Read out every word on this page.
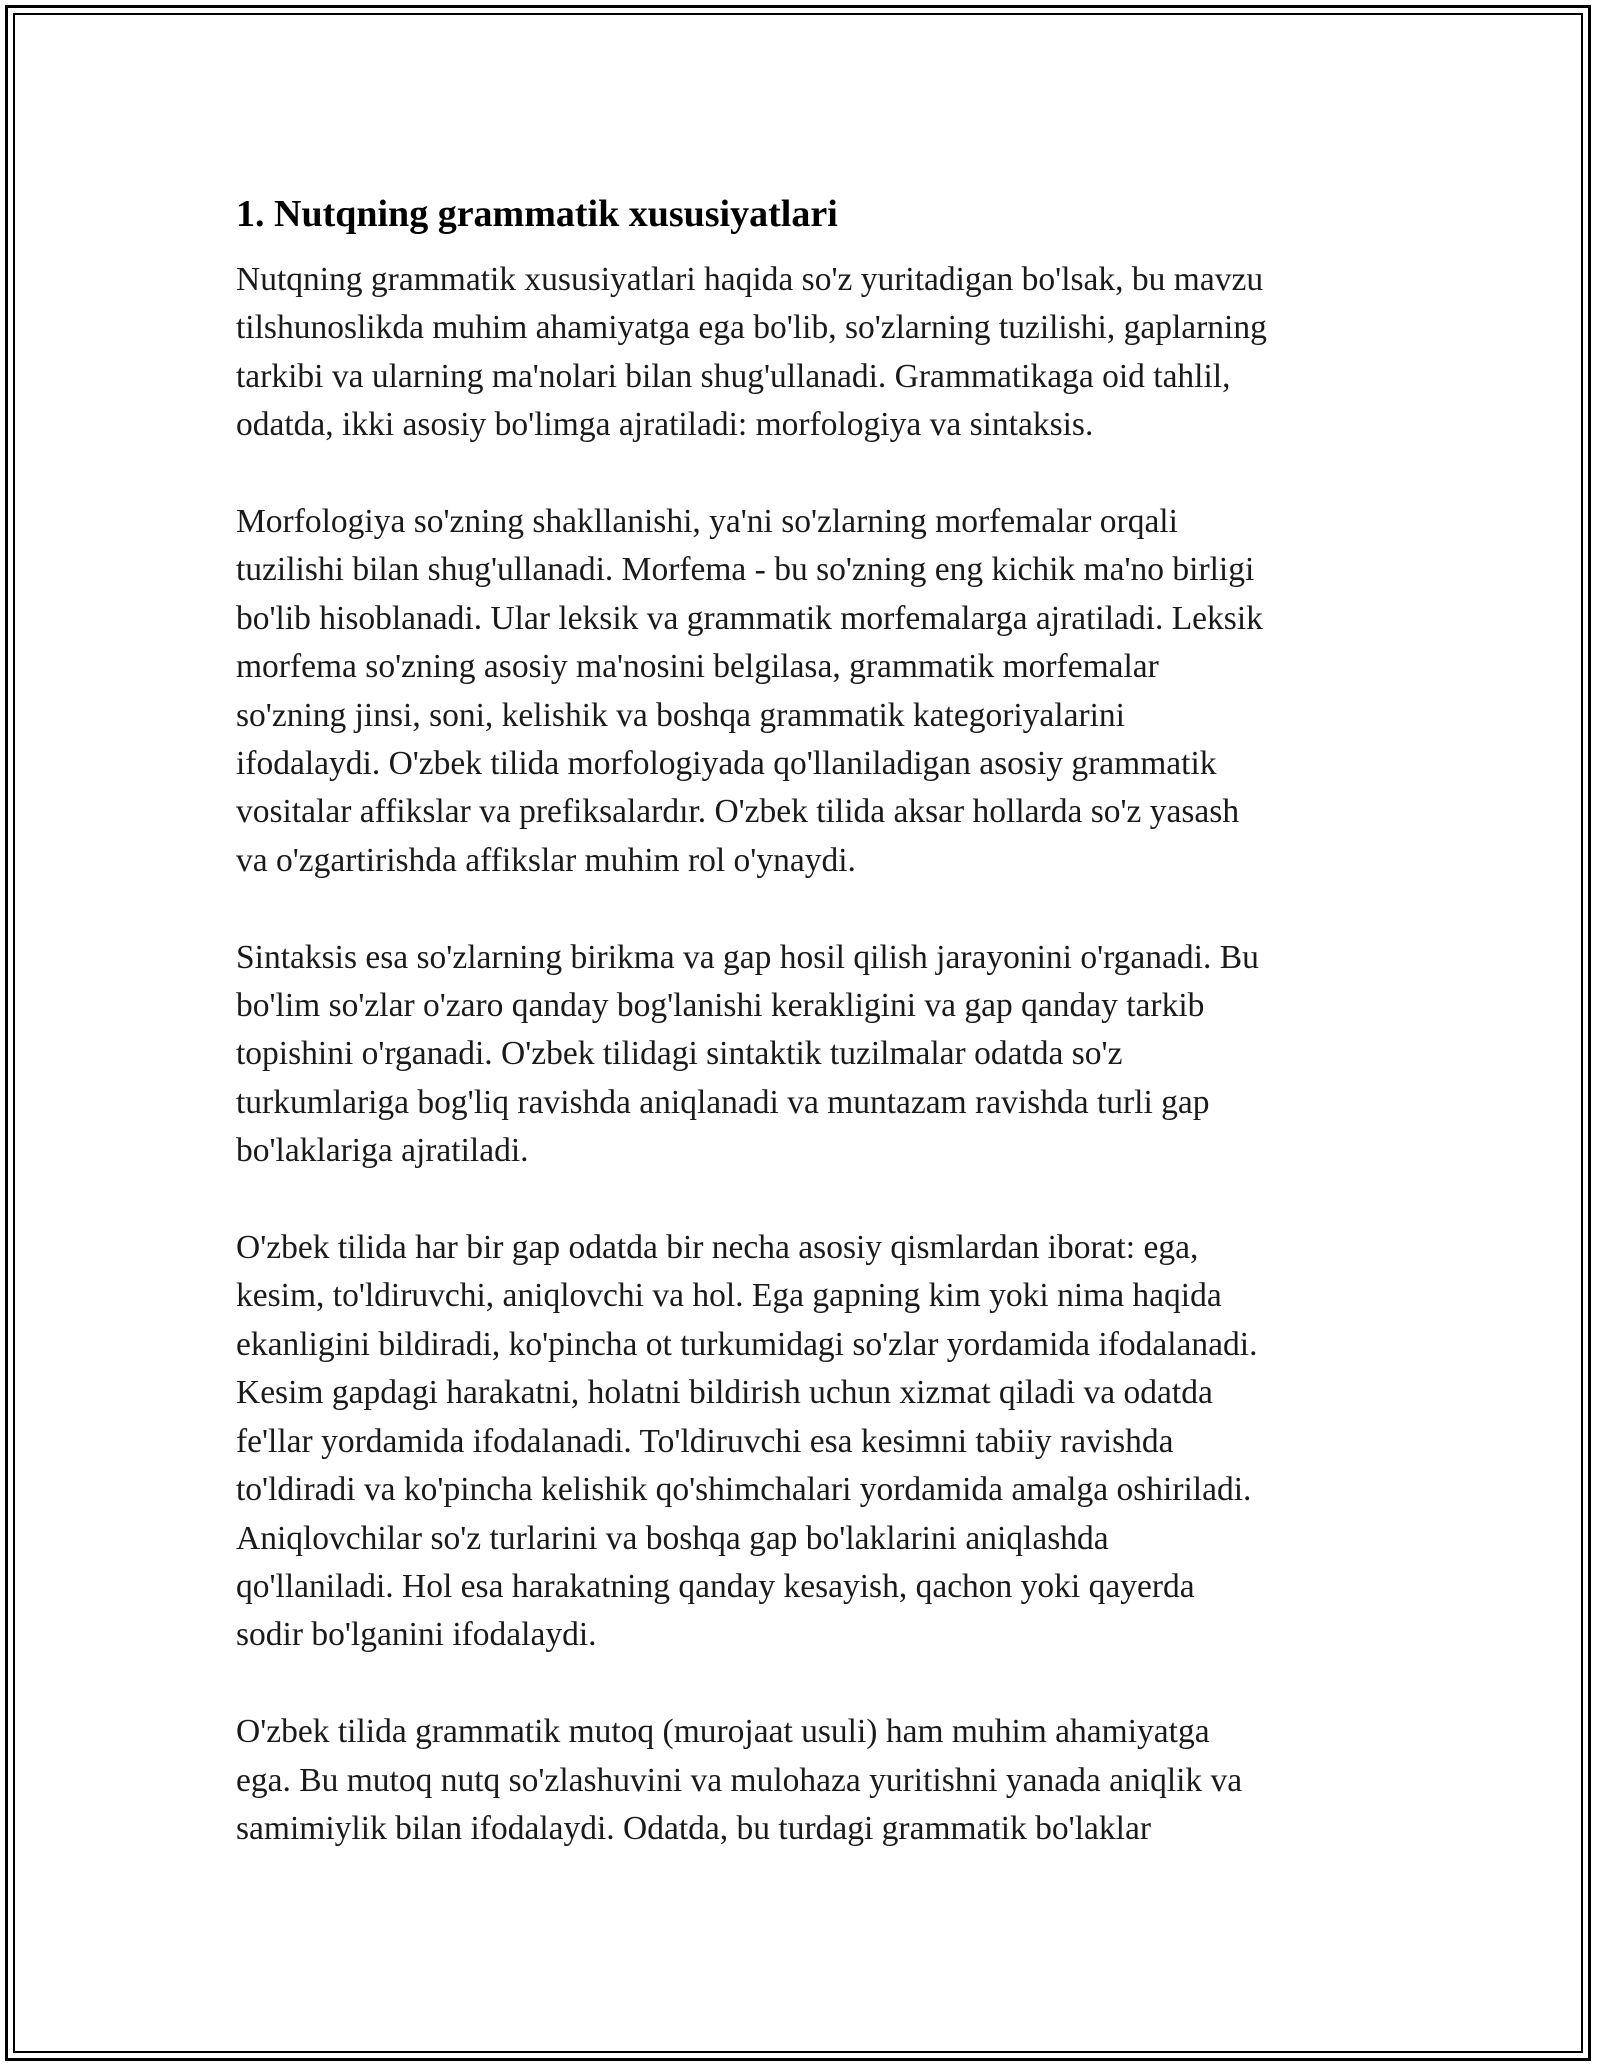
1. Nutqning grammatik xususiyatlari

Nutqning grammatik xususiyatlari haqida so'z yuritadigan bo'lsak, bu mavzu
tilshunoslikda muhim ahamiyatga ega bo'lib, so'zlarning tuzilishi, gaplarning
tarkibi va ularning ma'nolari bilan shug'ullanadi. Grammatikaga oid tahlil,
odatda, ikki asosiy bo'limga ajratiladi: morfologiya va sintaksis.

Morfologiya so'zning shakllanishi, ya'ni so'zlarning morfemalar orqali
tuzilishi bilan shug'ullanadi. Morfema - bu so'zning eng kichik ma'no birligi
bo'lib hisoblanadi. Ular leksik va grammatik morfemalarga ajratiladi. Leksik
morfema so'zning asosiy ma'nosini belgilasa, grammatik morfemalar
so'zning jinsi, soni, kelishik va boshqa grammatik kategoriyalarini
ifodalaydi. O'zbek tilida morfologiyada qo'llaniladigan asosiy grammatik
vositalar affikslar va prefiksalardır. O'zbek tilida aksar hollarda so'z yasash
va o'zgartirishda affikslar muhim rol o'ynaydi.

Sintaksis esa so'zlarning birikma va gap hosil qilish jarayonini o'rganadi. Bu
bo'lim so'zlar o'zaro qanday bog'lanishi kerakligini va gap qanday tarkib
topishini o'rganadi. O'zbek tilidagi sintaktik tuzilmalar odatda so'z
turkumlariga bog'liq ravishda aniqlanadi va muntazam ravishda turli gap
bo'laklariga ajratiladi.

O'zbek tilida har bir gap odatda bir necha asosiy qismlardan iborat: ega,
kesim, to'ldiruvchi, aniqlovchi va hol. Ega gapning kim yoki nima haqida
ekanligini bildiradi, ko'pincha ot turkumidagi so'zlar yordamida ifodalanadi.
Kesim gapdagi harakatni, holatni bildirish uchun xizmat qiladi va odatda
fe'llar yordamida ifodalanadi. To'ldiruvchi esa kesimni tabiiy ravishda
to'ldiradi va ko'pincha kelishik qo'shimchalari yordamida amalga oshiriladi.
Aniqlovchilar so'z turlarini va boshqa gap bo'laklarini aniqlashda
qo'llaniladi. Hol esa harakatning qanday kesayish, qachon yoki qayerda
sodir bo'lganini ifodalaydi.

O'zbek tilida grammatik mutoq (murojaat usuli) ham muhim ahamiyatga
ega. Bu mutoq nutq so'zlashuvini va mulohaza yuritishni yanada aniqlik va
samimiylik bilan ifodalaydi. Odatda, bu turdagi grammatik bo'laklar
